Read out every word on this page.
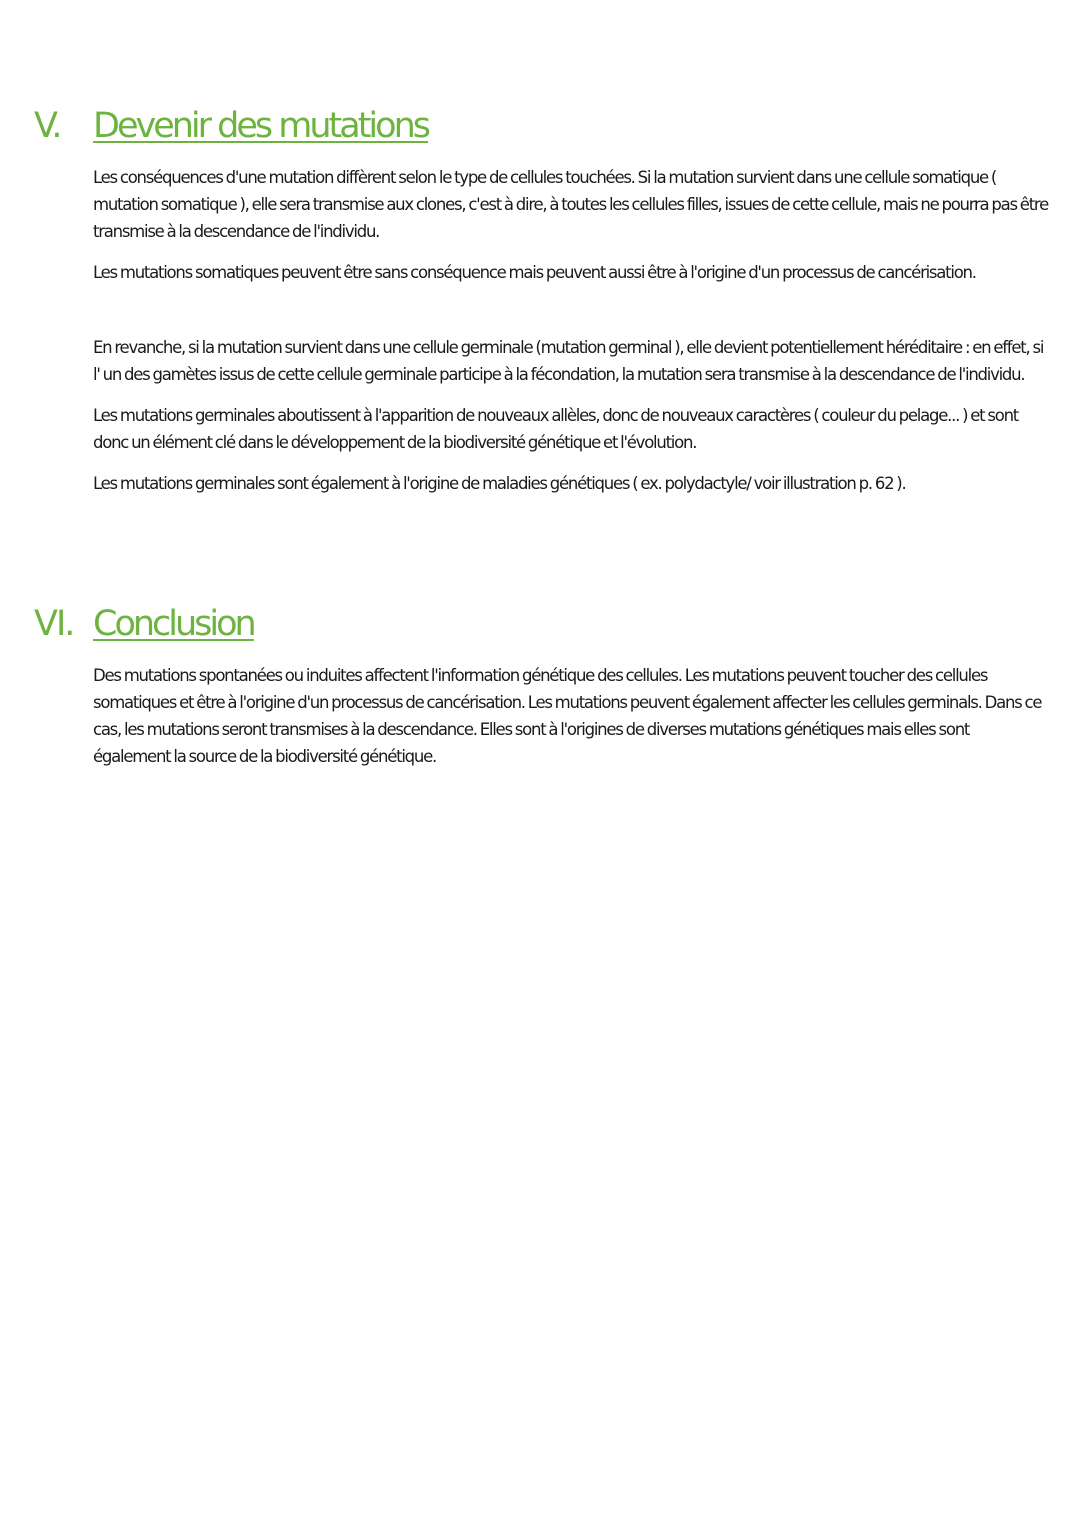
V. Devenir des mutations

Les conséquences d'une mutation diffèrent selon le type de cellules touchées. Si la mutation survient dans une cellule somatique ( mutation somatique ), elle sera transmise aux clones, c'est à dire, à toutes les cellules filles, issues de cette cellule, mais ne pourra pas être transmise à la descendance de l'individu.

Les mutations somatiques peuvent être sans conséquence mais peuvent aussi être à l'origine d'un processus de cancérisation.

En revanche, si la mutation survient dans une cellule germinale (mutation germinal ), elle devient potentiellement héréditaire : en effet, si l' un des gamètes issus de cette cellule germinale participe à la fécondation, la mutation sera transmise à la descendance de l'individu.

Les mutations germinales aboutissent à l'apparition de nouveaux allèles, donc de nouveaux caractères ( couleur du pelage... ) et sont donc un élément clé dans le développement de la biodiversité génétique et l'évolution.

Les mutations germinales sont également à l'origine de maladies génétiques ( ex. polydactyle/ voir illustration p. 62 ).

VI. Conclusion

Des mutations spontanées ou induites affectent l'information génétique des cellules. Les mutations peuvent toucher des cellules somatiques et être à l'origine d'un processus de cancérisation. Les mutations peuvent également affecter les cellules germinals. Dans ce cas, les mutations seront transmises à la descendance. Elles sont à l'origines de diverses mutations génétiques mais elles sont également la source de la biodiversité génétique.
